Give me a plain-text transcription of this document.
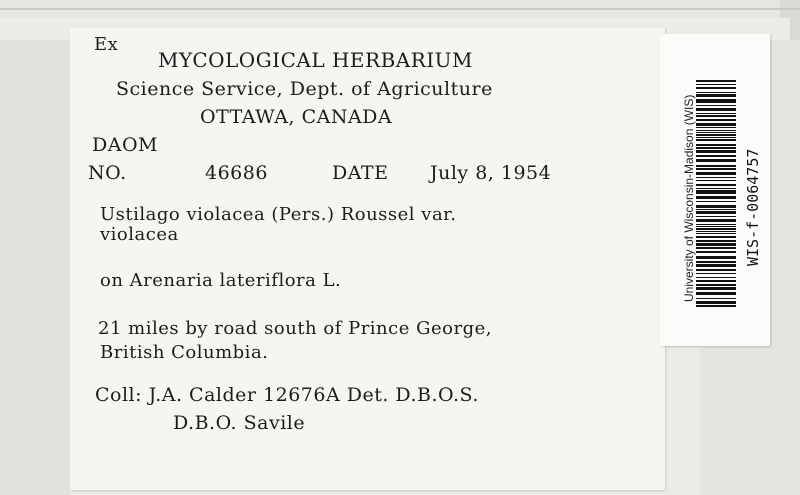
Ex
MYCOLOGICAL HERBARIUM
Science Service, Dept. of Agriculture
OTTAWA, CANADA
DAOM
NO.	46686	DATE July 8, 1954
Ustilago violacea (Pers.) Roussel var.
violacea
on Arenaria lateriflora L.
21 miles by road south of Prince George,
British Columbia.
Coll: J.A. Calder 12676A Det. D.B.O.S.
D.B.O. Savile
University of Wisconsin-Madison (WIS)	WIS-f-0064757
